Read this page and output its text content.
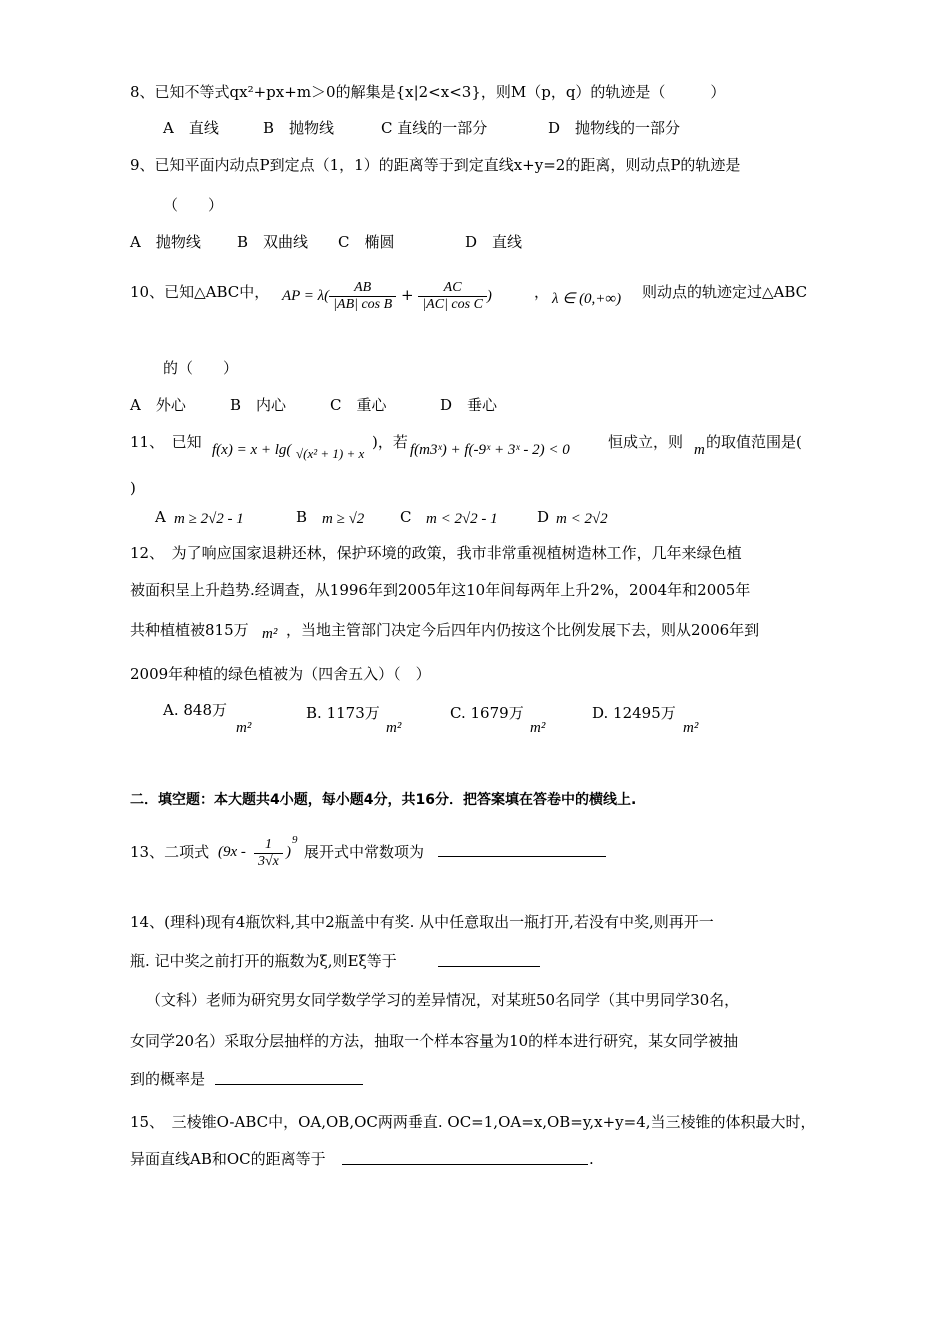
8、已知不等式qx²+px+m＞0的解集是{x|2<x<3}，则M（p，q）的轨迹是（　　　）
A　直线	B　抛物线	C 直线的一部分	D　抛物线的一部分
9、已知平面内动点P到定点（1，1）的距离等于到定直线x+y=2的距离，则动点P的轨迹是
（　　）
A　抛物线 B　双曲线 C　椭圆	D　直线
10、已知△ABC中， AP = $\lambda( \frac{AB}{\text{|AB| cos B}} + \frac{AC}{\text{|AC| cos C}}$ )	， λ ∈ (0,+∞) 则动点的轨迹定过△ABC
的（　　）
A　外心	B　内心	C　重心	D　垂心
11、　已知 f(x) = x + lg( √(x² + 1) + x
)，若 f(m3ˣ) + f(-9ˣ + 3ˣ - 2) < 0	恒成立，则 m 的取值范围是(
)
A m ≥ 2√2 - 1	B m ≥ √2 C m < 2√2 - 1	D m < 2√2
12、　为了响应国家退耕还林，保护环境的政策，我市非常重视植树造林工作，几年来绿色植
被面积呈上升趋势.经调查，从1996年到2005年这10年间每两年上升2%，2004年和2005年
共种植植被815万 m² ，当地主管部门决定今后四年内仍按这个比例发展下去，则从2006年到
2009年种植的绿色植被为（四舍五入）（　）
A. 848万
m²
B. 1173万
m²
C. 1679万
m²
D. 12495万
m²
二．填空题：本大题共4小题，每小题4分，共16分．把答案填在答卷中的横线上.
13、二项式 ($9x - \frac{1}{3√x}$ )
9
展开式中常数项为
14、(理科)现有4瓶饮料,其中2瓶盖中有奖. 从中任意取出一瓶打开,若没有中奖,则再开一
瓶. 记中奖之前打开的瓶数为ξ,则Eξ等于
（文科）老师为研究男女同学数学学习的差异情况，对某班50名同学（其中男同学30名，
女同学20名）采取分层抽样的方法，抽取一个样本容量为10的样本进行研究，某女同学被抽
到的概率是
15、　三棱锥O-ABC中，OA,OB,OC两两垂直. OC=1,OA=x,OB=y,x+y=4,当三棱锥的体积最大时，
异面直线AB和OC的距离等于	.
